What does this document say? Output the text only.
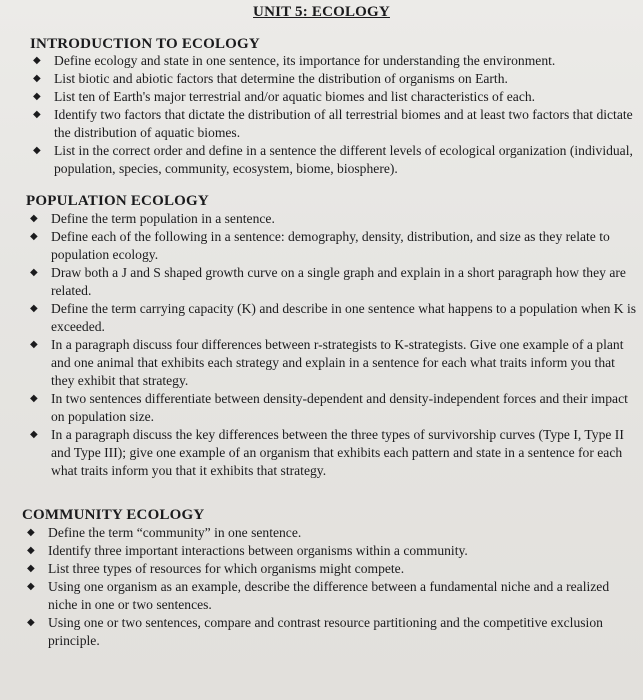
UNIT 5: ECOLOGY
INTRODUCTION TO ECOLOGY
◆ Define ecology and state in one sentence, its importance for understanding the environment.
◆ List biotic and abiotic factors that determine the distribution of organisms on Earth.
◆ List ten of Earth's major terrestrial and/or aquatic biomes and list characteristics of each.
◆ Identify two factors that dictate the distribution of all terrestrial biomes and at least two factors that dictate the distribution of aquatic biomes.
◆ List in the correct order and define in a sentence the different levels of ecological organization (individual, population, species, community, ecosystem, biome, biosphere).
POPULATION ECOLOGY
◆ Define the term population in a sentence.
◆ Define each of the following in a sentence: demography, density, distribution, and size as they relate to population ecology.
◆ Draw both a J and S shaped growth curve on a single graph and explain in a short paragraph how they are related.
◆ Define the term carrying capacity (K) and describe in one sentence what happens to a population when K is exceeded.
◆ In a paragraph discuss four differences between r-strategists to K-strategists. Give one example of a plant and one animal that exhibits each strategy and explain in a sentence for each what traits inform you that they exhibit that strategy.
◆ In two sentences differentiate between density-dependent and density-independent forces and their impact on population size.
◆ In a paragraph discuss the key differences between the three types of survivorship curves (Type I, Type II and Type III); give one example of an organism that exhibits each pattern and state in a sentence for each what traits inform you that it exhibits that strategy.
COMMUNITY ECOLOGY
◆ Define the term “community” in one sentence.
◆ Identify three important interactions between organisms within a community.
◆ List three types of resources for which organisms might compete.
◆ Using one organism as an example, describe the difference between a fundamental niche and a realized niche in one or two sentences.
◆ Using one or two sentences, compare and contrast resource partitioning and the competitive exclusion principle.
